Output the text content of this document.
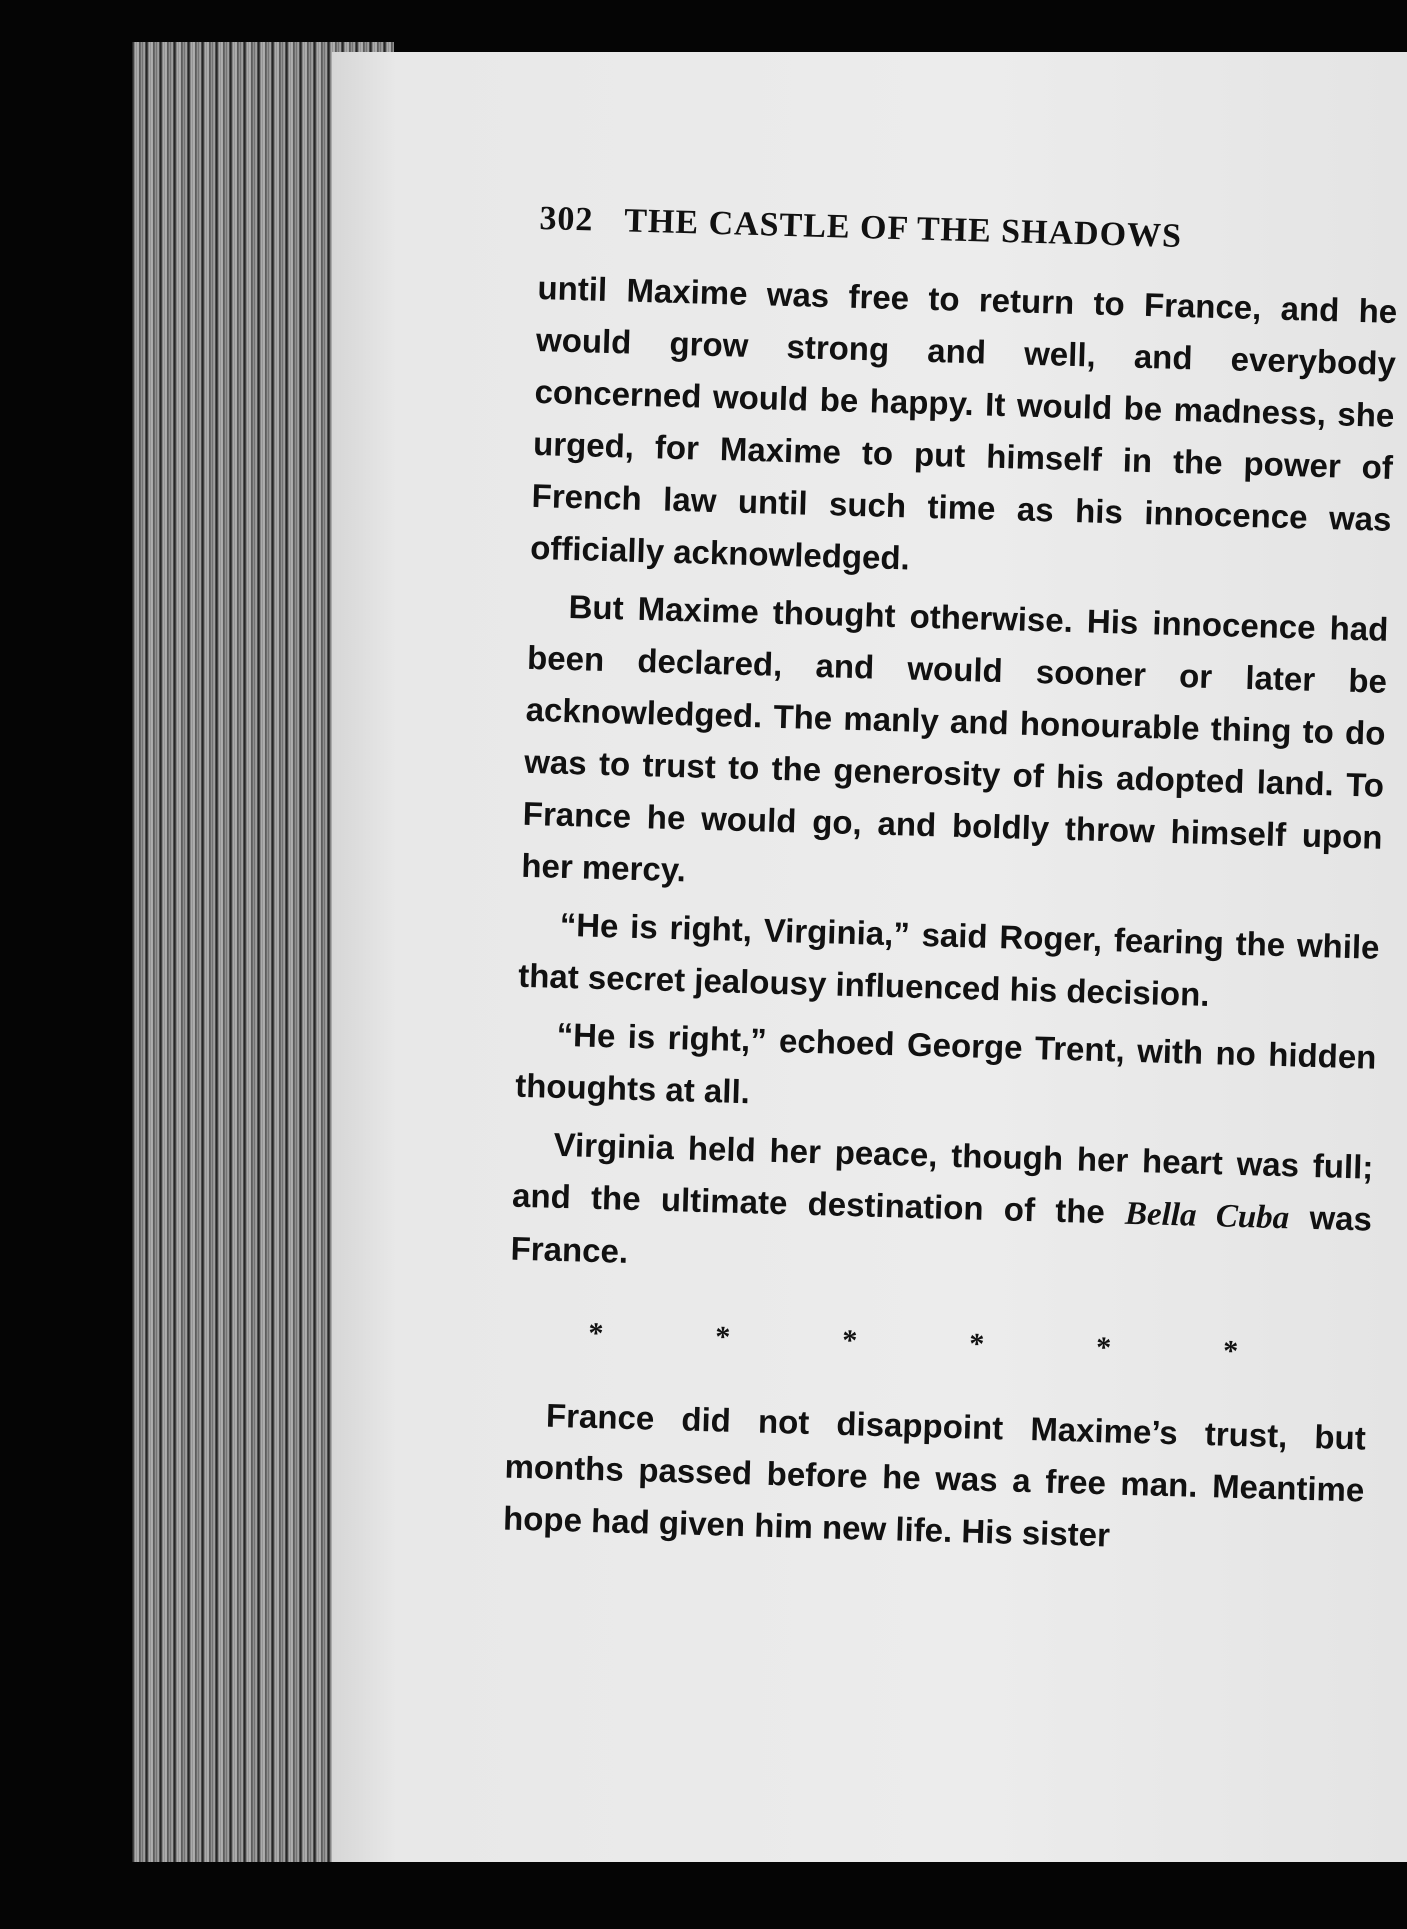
302 THE CASTLE OF THE SHADOWS

until Maxime was free to return to France, and he would grow strong and well, and everybody concerned would be happy. It would be madness, she urged, for Maxime to put himself in the power of French law until such time as his innocence was officially acknowledged.

But Maxime thought otherwise. His innocence had been declared, and would sooner or later be acknowledged. The manly and honourable thing to do was to trust to the generosity of his adopted land. To France he would go, and boldly throw himself upon her mercy.

“He is right, Virginia,” said Roger, fearing the while that secret jealousy influenced his decision.

“He is right,” echoed George Trent, with no hidden thoughts at all.

Virginia held her peace, though her heart was full; and the ultimate destination of the Bella Cuba was France.

*	*	*	*	*	*

France did not disappoint Maxime’s trust, but months passed before he was a free man. Meantime hope had given him new life. His sister
